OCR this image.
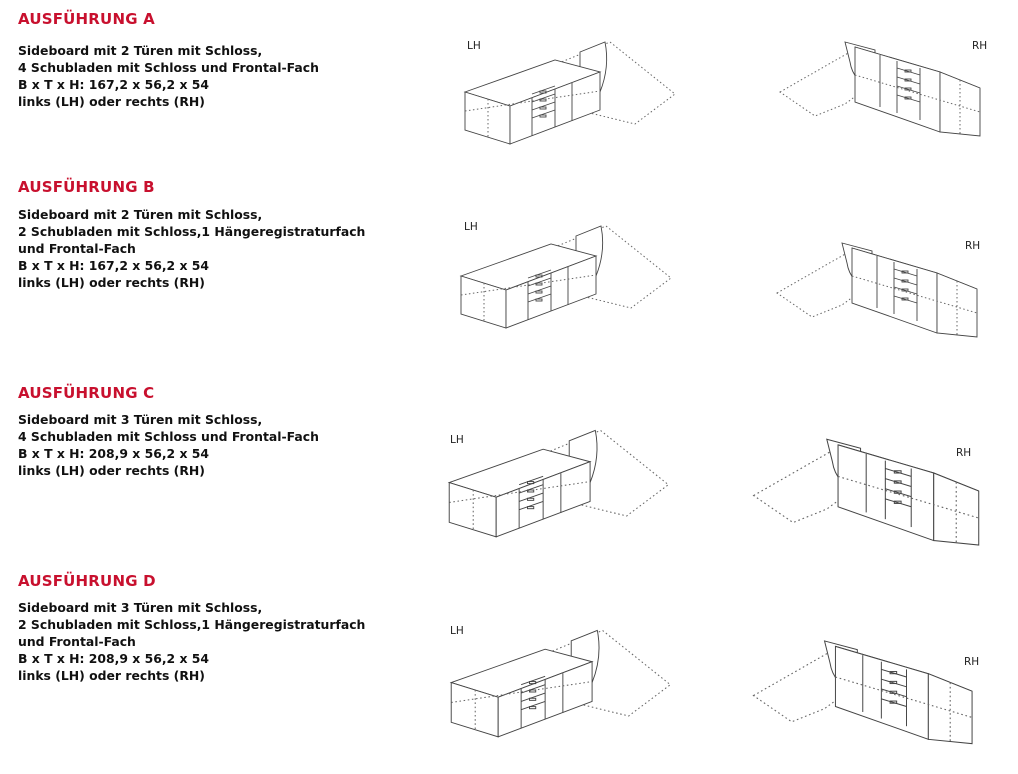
AUSFÜHRUNG A
Sideboard mit 2 Türen mit Schloss,
4 Schubladen mit Schloss und Frontal-Fach
B x T x H: 167,2 x 56,2 x 54
links (LH) oder rechts (RH)
LH	RH
AUSFÜHRUNG B
Sideboard mit 2 Türen mit Schloss,
2 Schubladen mit Schloss,1 Hängeregistraturfach
und Frontal-Fach
B x T x H: 167,2 x 56,2 x 54
links (LH) oder rechts (RH)
LH
RH
AUSFÜHRUNG C
Sideboard mit 3 Türen mit Schloss,
4 Schubladen mit Schloss und Frontal-Fach
B x T x H: 208,9 x 56,2 x 54
links (LH) oder rechts (RH)
LH
RH
AUSFÜHRUNG D
Sideboard mit 3 Türen mit Schloss,
2 Schubladen mit Schloss,1 Hängeregistraturfach
und Frontal-Fach
B x T x H: 208,9 x 56,2 x 54
links (LH) oder rechts (RH)
LH
RH
